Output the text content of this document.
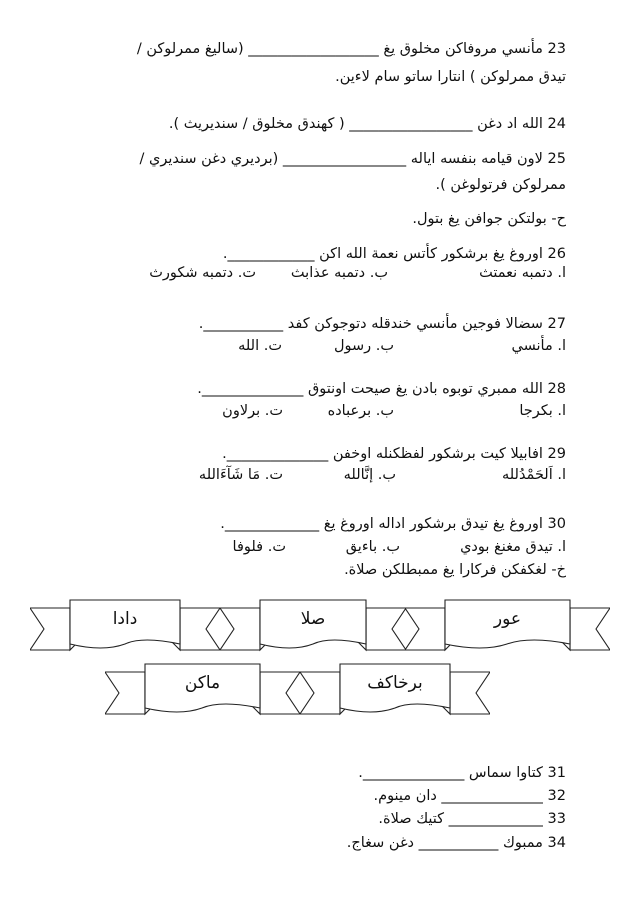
23 مأنسي مروفاكن مخلوق يغ __________________ (ساليغ ممرلوكن /
تيدق ممرلوكن ) انتارا ساتو سام لاءين.
24 الله اد دغن _________________ ( كهندق مخلوق / سنديريث ).
25 لاون قيامه بنفسه اياله _________________ (برديري دغن سنديري /
ممرلوكن فرتولوغن ).
ح- بولتكن جوافن يغ بتول.
26 اوروغ يغ برشكور كأتس نعمة الله اكن ____________.
ا. دتمبه نعمتث
ب. دتمبه عذابث
ت. دتمبه شكورث
27 سضالا فوجين مأنسي خندقله دتوجوكن كفد ___________.
ا. مأنسي
ب. رسول
ت. الله
28 الله ممبري توبوه بادن يغ صيحت اونتوق ______________.
ا. بكرجا
ب. برعباده
ت. برلاون
29 افابيلا كيت برشكور لفظكنله اوخفن ______________.
ا. اَلحَمْدُلله
ب. إنَّالله
ت. مَا شَآءَالله
30 اوروغ يغ تيدق برشكور اداله اوروغ يغ _____________.
ا. تيدق مغنغ بودي
ب. باءيق
ت. فلوفا
خ- لغكفكن فركارا يغ ممبطلكن صلاة.
عور
صلا
دادا
برخاكف
ماكن
31 كتاوا سماس ______________.
32 ______________ دان مينوم.
33 _____________ كتيك صلاة.
34 ممبوك ___________ دغن سغاج.
